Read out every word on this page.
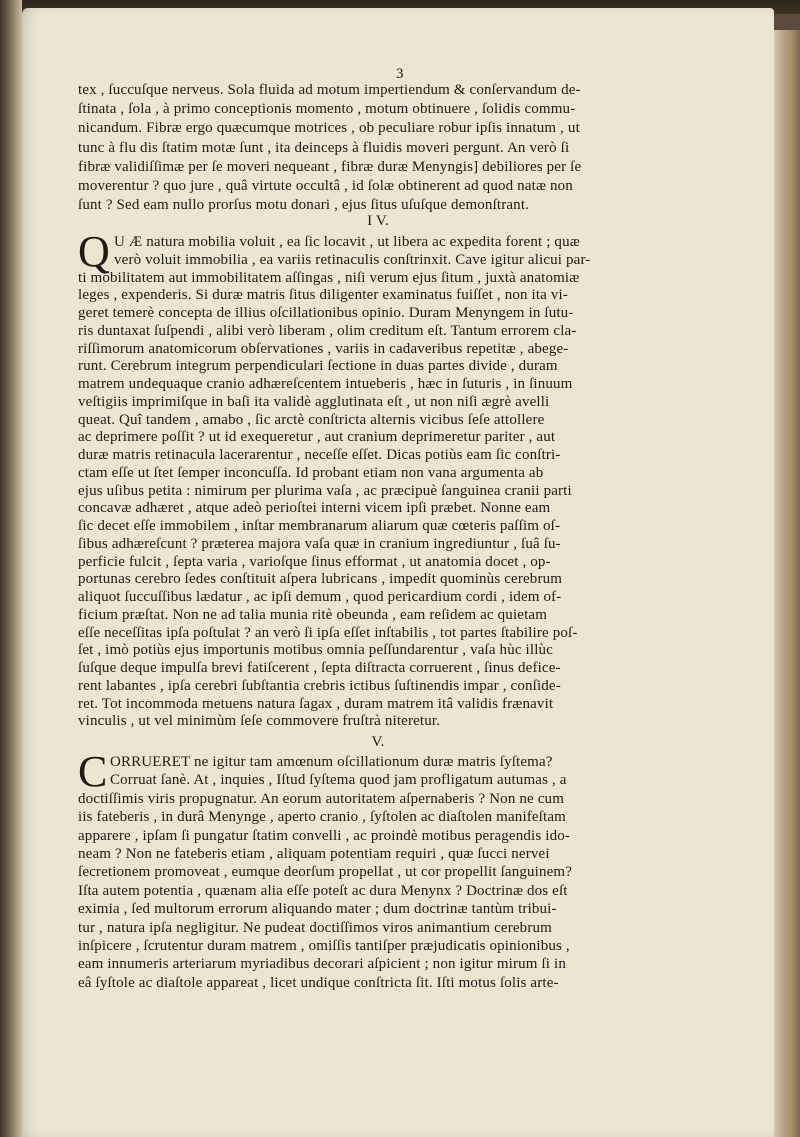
3
tex , ſuccuſque nerveus. Sola fluida ad motum impertiendum & conſervandum de-
ſtinata , ſola , à primo conceptionis momento , motum obtinuere , ſolidis commu-
nicandum. Fibræ ergo quæcumque motrices , ob peculiare robur ipſis innatum , ut
tunc à flu dis ſtatim motæ ſunt , ita deinceps à fluidis moveri pergunt. An verò ſi
fibræ validiſſimæ per ſe moveri nequeant , fibræ duræ Menyngis] debiliores per ſe
moverentur ? quo jure , quâ virtute occultâ , id ſolæ obtinerent ad quod natæ non
ſunt ? Sed eam nullo prorſus motu donari , ejus ſitus uſuſque demonſtrant.
I V.
Q U Æ natura mobilia voluit , ea ſic locavit , ut libera ac expedita forent ; quæ
verò voluit immobilia , ea variis retinaculis conſtrinxit. Cave igitur alicui par-
ti mobilitatem aut immobilitatem aſſingas , niſi verum ejus ſitum , juxtà anatomiæ
leges , expenderis. Si duræ matris ſitus diligenter examinatus fuiſſet , non ita vi-
geret temerè concepta de illius oſcillationibus opinio. Duram Menyngem in ſutu-
ris duntaxat ſuſpendi , alibi verò liberam , olim creditum eſt. Tantum errorem cla-
riſſimorum anatomicorum obſervationes , variis in cadaveribus repetitæ , abege-
runt. Cerebrum integrum perpendiculari ſectione in duas partes divide , duram
matrem undequaque cranio adhæreſcentem intueberis , hæc in ſuturis , in ſinuum
veſtigiis imprimiſque in baſi ita validè agglutinata eſt , ut non niſi ægrè avelli
queat. Quî tandem , amabo , ſic arctè conſtricta alternis vicibus ſeſe attollere
ac deprimere poſſit ? ut id exequeretur , aut cranium deprimeretur pariter , aut
duræ matris retinacula lacerarentur , neceſſe eſſet. Dicas potiùs eam ſic conſtri-
ctam eſſe ut ſtet ſemper inconcuſſa. Id probant etiam non vana argumenta ab
ejus uſibus petita : nimirum per plurima vaſa , ac præcipuè ſanguinea cranii parti
concavæ adhæret , atque adeò perioſtei interni vicem ipſi præbet. Nonne eam
ſic decet eſſe immobilem , inſtar membranarum aliarum quæ cœteris paſſim oſ-
ſibus adhæreſcunt ? præterea majora vaſa quæ in cranium ingrediuntur , ſuâ ſu-
perficie fulcit , ſepta varia , varioſque ſinus efformat , ut anatomia docet , op-
portunas cerebro ſedes conſtituit aſpera lubricans , impedit quominùs cerebrum
aliquot ſuccuſſibus lædatur , ac ipſi demum , quod pericardium cordi , idem of-
ficium præſtat. Non ne ad talia munia ritè obeunda , eam reſidem ac quietam
eſſe neceſſitas ipſa poſtulat ? an verò ſi ipſa eſſet inſtabilis , tot partes ſtabilire poſ-
ſet , imò potiùs ejus importunis motibus omnia peſſundarentur , vaſa hùc illùc
ſuſque deque impulſa brevi fatiſcerent , ſepta diſtracta corruerent , ſinus defice-
rent labantes , ipſa cerebri ſubſtantia crebris ictibus ſuſtinendis impar , conſide-
ret. Tot incommoda metuens natura ſagax , duram matrem itâ validis frænavit
vinculis , ut vel minimùm ſeſe commovere fruſtrà niteretur.
V.
C ORRUERET ne igitur tam amœnum oſcillationum duræ matris ſyſtema?
Corruat ſanè. At , inquies , Iſtud ſyſtema quod jam profligatum autumas , a
doctiſſimis viris propugnatur. An eorum autoritatem aſpernaberis ? Non ne cum
iis fateberis , in durâ Menynge , aperto cranio , ſyſtolen ac diaſtolen manifeſtam
apparere , ipſam ſi pungatur ſtatim convelli , ac proindè motibus peragendis ido-
neam ? Non ne fateberis etiam , aliquam potentiam requiri , quæ ſucci nervei
ſecretionem promoveat , eumque deorſum propellat , ut cor propellit ſanguinem?
Iſta autem potentia , quænam alia eſſe poteſt ac dura Menynx ? Doctrinæ dos eſt
eximia , ſed multorum errorum aliquando mater ; dum doctrinæ tantùm tribui-
tur , natura ipſa negligitur. Ne pudeat doctiſſimos viros animantium cerebrum
inſpicere , ſcrutentur duram matrem , omiſſis tantiſper præjudicatis opinionibus ,
eam innumeris arteriarum myriadibus decorari aſpicient ; non igitur mirum ſi in
eâ ſyſtole ac diaſtole appareat , licet undique conſtricta ſit. Iſti motus ſolis arte-
